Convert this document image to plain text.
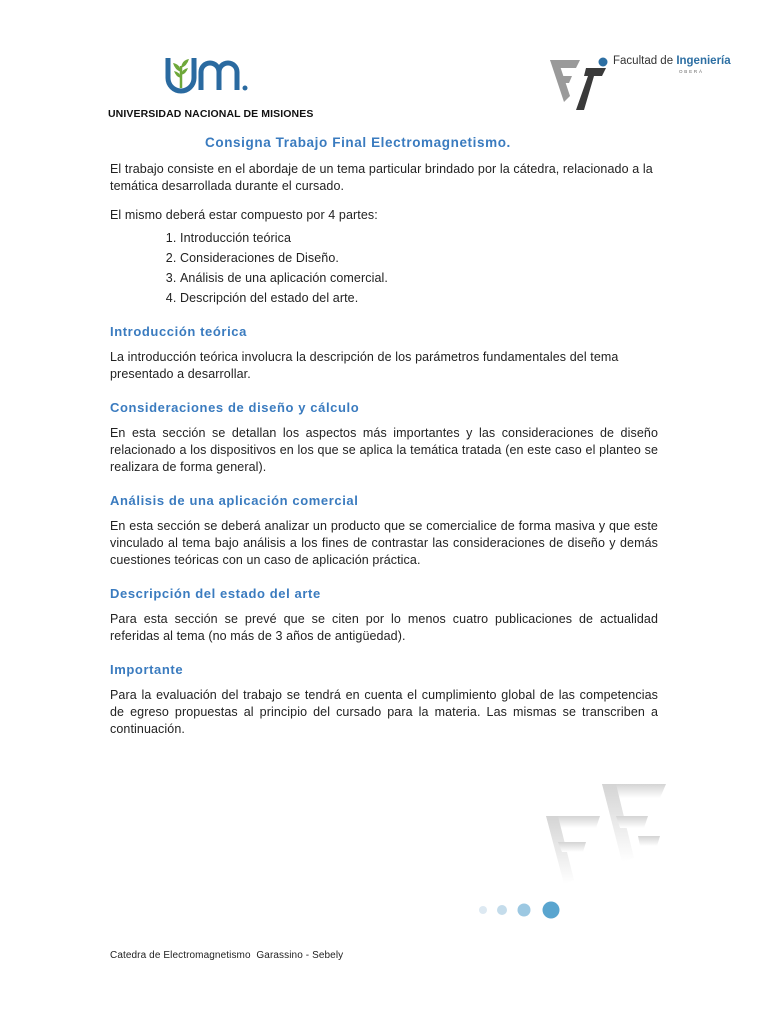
UNIVERSIDAD NACIONAL DE MISIONES
Facultad de Ingeniería
OBERÁ
Consigna Trabajo Final Electromagnetismo.

El trabajo consiste en el abordaje de un tema particular brindado por la cátedra, relacionado a la temática desarrollada durante el cursado.

El mismo deberá estar compuesto por 4 partes:

1. Introducción teórica
2. Consideraciones de Diseño.
3. Análisis de una aplicación comercial.
4. Descripción del estado del arte.
Introducción teórica

La introducción teórica involucra la descripción de los parámetros fundamentales del tema presentado a desarrollar.

Consideraciones de diseño y cálculo

En esta sección se detallan los aspectos más importantes y las consideraciones de diseño relacionado a los dispositivos en los que se aplica la temática tratada (en este caso el planteo se realizara de forma general).

Análisis de una aplicación comercial

En esta sección se deberá analizar un producto que se comercialice de forma masiva y que este vinculado al tema bajo análisis a los fines de contrastar las consideraciones de diseño y demás cuestiones teóricas con un caso de aplicación práctica.

Descripción del estado del arte

Para esta sección se prevé que se citen por lo menos cuatro publicaciones de actualidad referidas al tema (no más de 3 años de antigüedad).

Importante

Para la evaluación del trabajo se tendrá en cuenta el cumplimiento global de las competencias de egreso propuestas al principio del cursado para la materia. Las mismas se transcriben a continuación.

Catedra de Electromagnetismo  Garassino - Sebely
